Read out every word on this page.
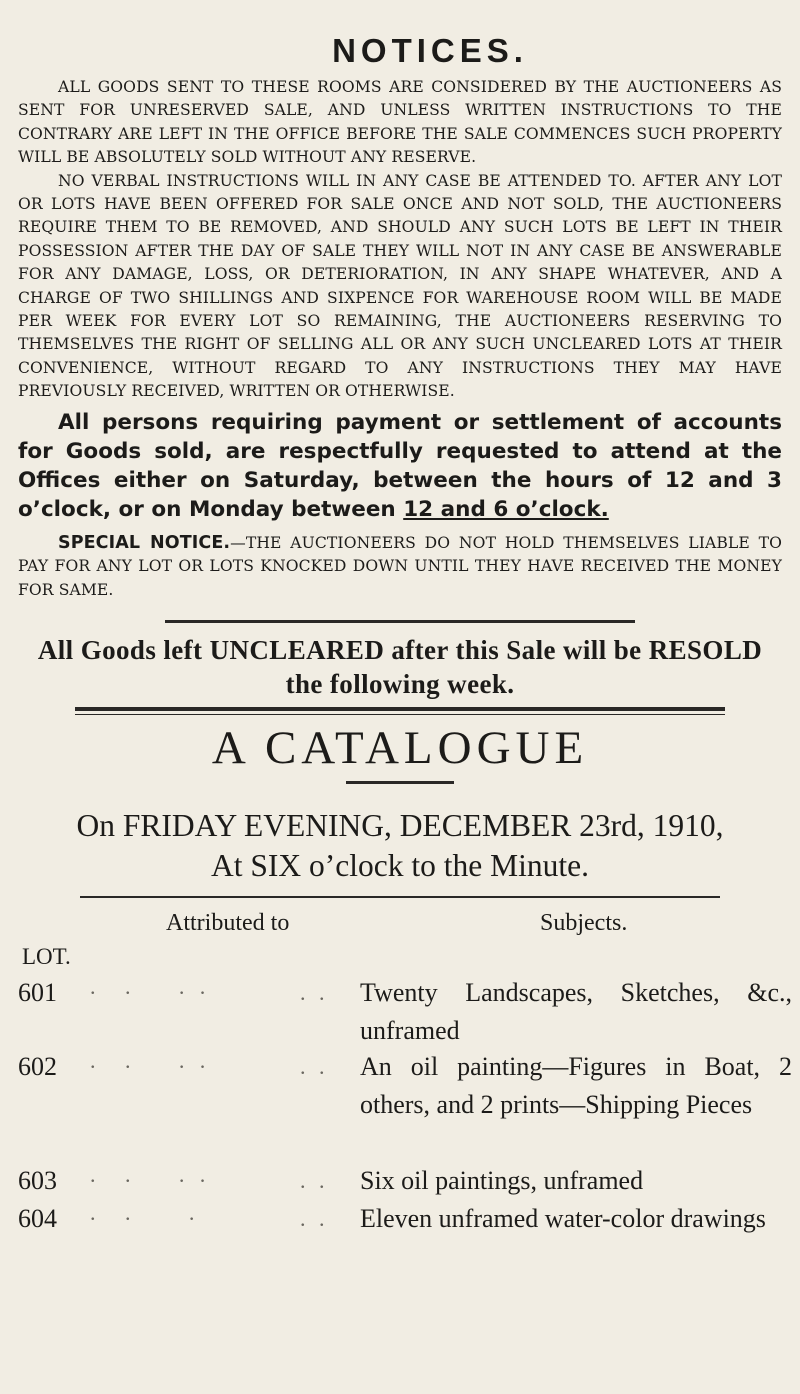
NOTICES.

ALL GOODS SENT TO THESE ROOMS ARE CONSIDERED BY THE AUCTIONEERS AS SENT FOR UNRESERVED SALE, AND UNLESS WRITTEN INSTRUCTIONS TO THE CONTRARY ARE LEFT IN THE OFFICE BEFORE THE SALE COMMENCES SUCH PROPERTY WILL BE ABSOLUTELY SOLD WITHOUT ANY RESERVE.

NO VERBAL INSTRUCTIONS WILL IN ANY CASE BE ATTENDED TO. AFTER ANY LOT OR LOTS HAVE BEEN OFFERED FOR SALE ONCE AND NOT SOLD, THE AUCTIONEERS REQUIRE THEM TO BE REMOVED, AND SHOULD ANY SUCH LOTS BE LEFT IN THEIR POSSESSION AFTER THE DAY OF SALE THEY WILL NOT IN ANY CASE BE ANSWERABLE FOR ANY DAMAGE, LOSS, OR DETERIORATION, IN ANY SHAPE WHATEVER, AND A CHARGE OF TWO SHILLINGS AND SIXPENCE FOR WAREHOUSE ROOM WILL BE MADE PER WEEK FOR EVERY LOT SO REMAINING, THE AUCTIONEERS RESERVING TO THEMSELVES THE RIGHT OF SELLING ALL OR ANY SUCH UNCLEARED LOTS AT THEIR CONVENIENCE, WITHOUT REGARD TO ANY INSTRUCTIONS THEY MAY HAVE PREVIOUSLY RECEIVED, WRITTEN OR OTHERWISE.

All persons requiring payment or settlement of accounts for Goods sold, are respectfully requested to attend at the Offices either on Saturday, between the hours of 12 and 3 o’clock, or on Monday between 12 and 6 o’clock.

SPECIAL NOTICE.—THE AUCTIONEERS DO NOT HOLD THEMSELVES LIABLE TO PAY FOR ANY LOT OR LOTS KNOCKED DOWN UNTIL THEY HAVE RECEIVED THE MONEY FOR SAME.

All Goods left UNCLEARED after this Sale will be RESOLD the following week.
A CATALOGUE
On FRIDAY EVENING, DECEMBER 23rd, 1910,
At SIX o’clock to the Minute.
Attributed to	Subjects.
LOT.
601	. . · ·	. . Twenty Landscapes, Sketches, &c., unframed
602	. . · ·	. . An oil painting—Figures in Boat, 2 others, and 2 prints—Shipping Pieces
603	. . · ·	. . Six oil paintings, unframed
604	. . ·	. . Eleven unframed water-color drawings
